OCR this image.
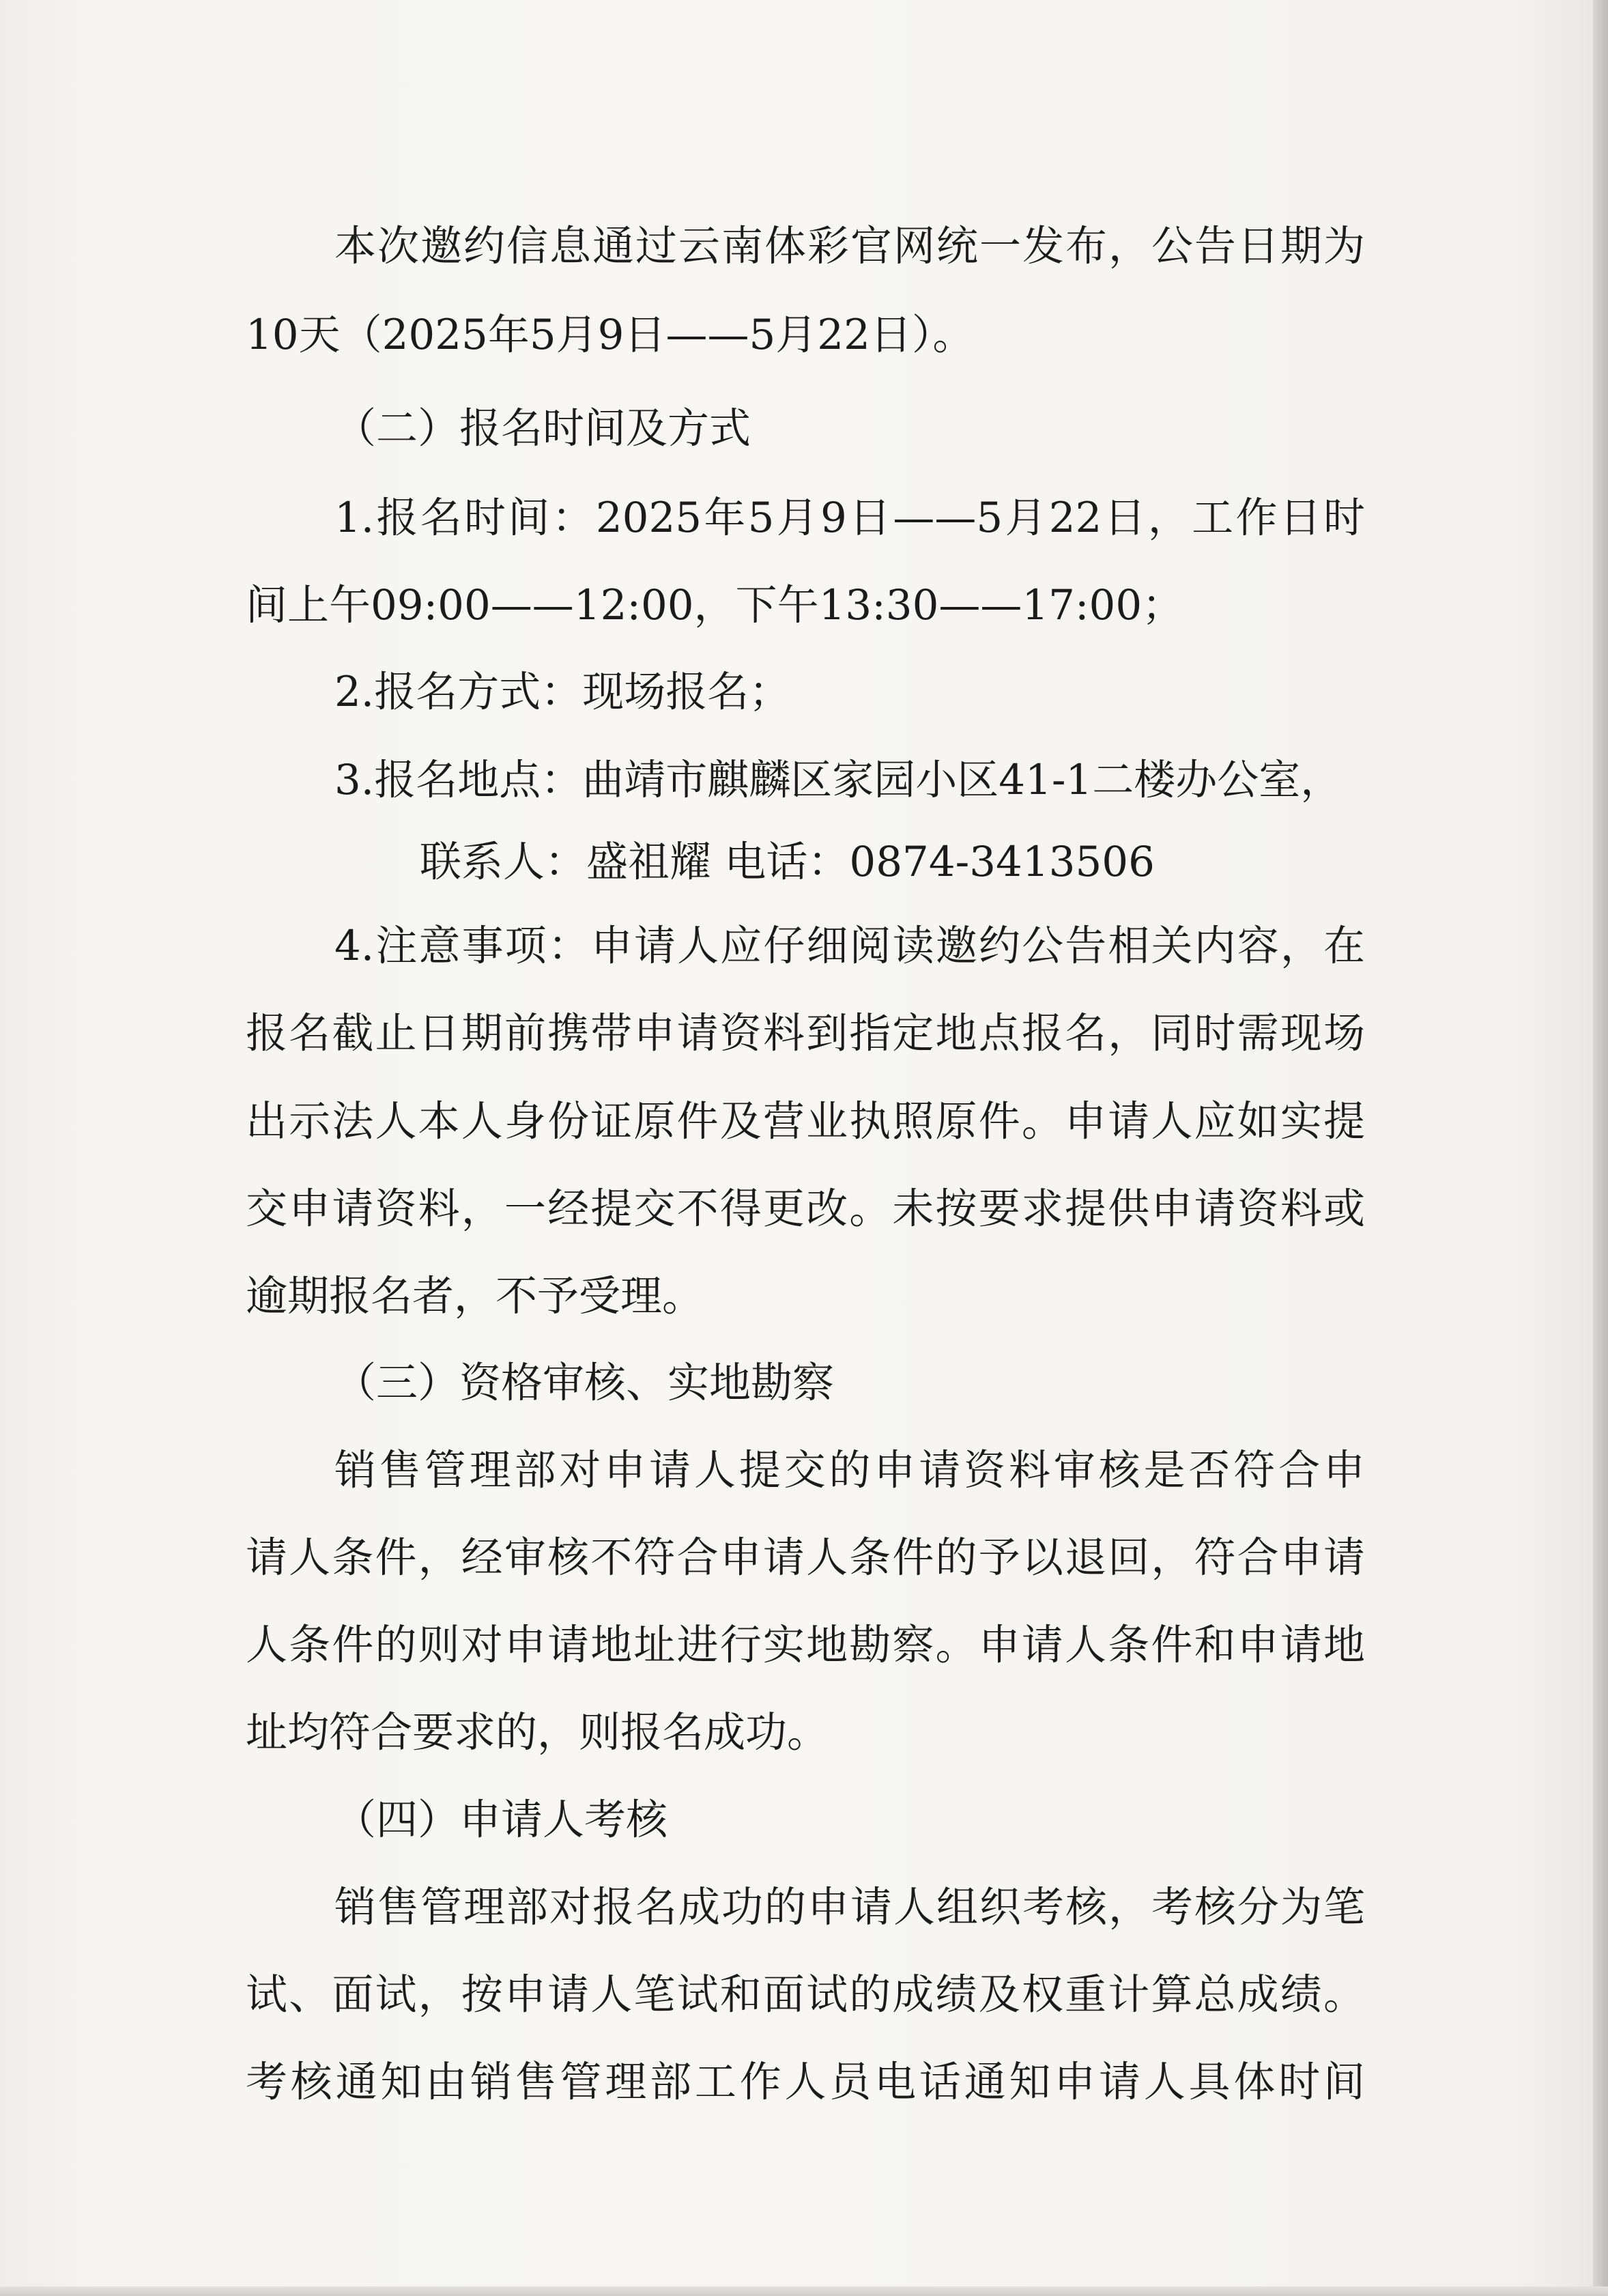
本次邀约信息通过云南体彩官网统一发布，公告日期为

10天（2025年5月9日——5月22日）。

（二）报名时间及方式

1.报名时间：2025年5月9日——5月22日，工作日时

间上午09:00——12:00，下午13:30——17:00；

2.报名方式：现场报名；

3.报名地点：曲靖市麒麟区家园小区41-1二楼办公室，

联系人：盛祖耀 电话：0874-3413506

4.注意事项：申请人应仔细阅读邀约公告相关内容，在

报名截止日期前携带申请资料到指定地点报名，同时需现场

出示法人本人身份证原件及营业执照原件。申请人应如实提

交申请资料，一经提交不得更改。未按要求提供申请资料或

逾期报名者，不予受理。

（三）资格审核、实地勘察

销售管理部对申请人提交的申请资料审核是否符合申

请人条件，经审核不符合申请人条件的予以退回，符合申请

人条件的则对申请地址进行实地勘察。申请人条件和申请地

址均符合要求的，则报名成功。

（四）申请人考核

销售管理部对报名成功的申请人组织考核，考核分为笔

试、面试，按申请人笔试和面试的成绩及权重计算总成绩。

考核通知由销售管理部工作人员电话通知申请人具体时间
